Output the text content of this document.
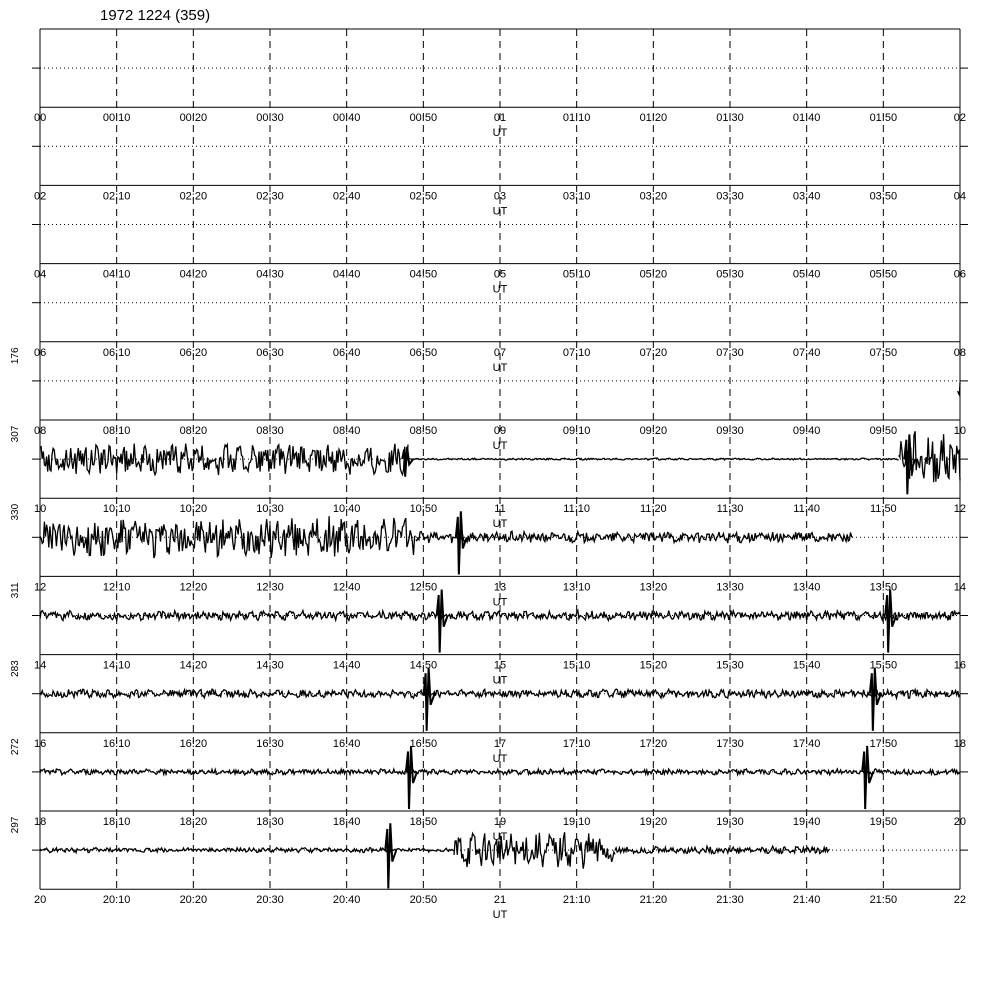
1972 1224 (359)
00	00:10	00:20	00:30	00:40	00:50	01	01:10	01:20	01:30	01:40	01:50	02
UT
02	02:10	02:20	02:30	02:40	02:50	03	03:10	03:20	03:30	03:40	03:50	04
UT
04	04:10	04:20	04:30	04:40	04:50	05	05:10	05:20	05:30	05:40	05:50	06
UT
06	06:10	06:20	06:30	06:40	06:50	07	07:10	07:20	07:30	07:40	07:50	08
UT
08	08:10	08:20	08:30	08:40	08:50	09	09:10	09:20	09:30	09:40	09:50	10
UT
176
10	10:10	10:20	10:30	10:40	10:50	11	11:10	11:20	11:30	11:40	11:50	12
UT
307
12	12:10	12:20	12:30	12:40	12:50	13	13:10	13:20	13:30	13:40	13:50	14
UT
330
14	14:10	14:20	14:30	14:40	14:50	15	15:10	15:20	15:30	15:40	15:50	16
UT
311
16	16:10	16:20	16:30	16:40	16:50	17	17:10	17:20	17:30	17:40	17:50	18
UT
283
18	18:10	18:20	18:30	18:40	18:50	19	19:10	19:20	19:30	19:40	19:50	20
UT
272
20	20:10	20:20	20:30	20:40	20:50	21	21:10	21:20	21:30	21:40	21:50	22
UT
297
